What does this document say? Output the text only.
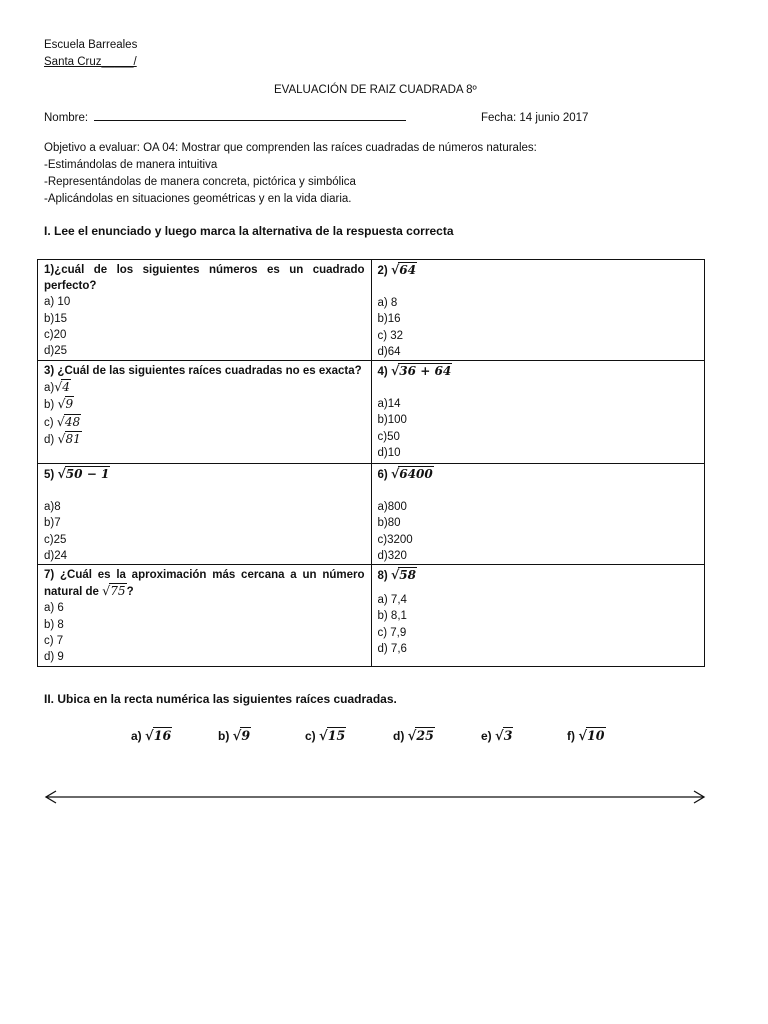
Escuela Barreales
Santa Cruz_____/
EVALUACIÓN DE RAIZ CUADRADA 8º
Nombre:	Fecha: 14 junio 2017
Objetivo a evaluar: OA 04: Mostrar que comprenden las raíces cuadradas de números naturales:
-Estimándolas de manera intuitiva
-Representándolas de manera concreta, pictórica y simbólica
-Aplicándolas en situaciones geométricas y en la vida diaria.
I. Lee el enunciado y luego marca la alternativa de la respuesta correcta
1)¿cuál de los siguientes números es un cuadrado perfecto?
a) 10
b)15
c)20
d)25	2) √64
a) 8
b)16
c) 32
d)64

3) ¿Cuál de las siguientes raíces cuadradas no es exacta?
a)√4
b) √9
c) √48
d) √81	4) √36 + 64
a)14
b)100
c)50
d)10

5) √50 − 1
a)8
b)7
c)25
d)24	6) √6400
a)800
b)80
c)3200
d)320

7) ¿Cuál es la aproximación más cercana a un número natural de √75?
a) 6
b) 8
c) 7
d) 9	8) √58
a) 7,4
b) 8,1
c) 7,9
d) 7,6
II. Ubica en la recta numérica las siguientes raíces cuadradas.
a) √16	b) √9	c) √15	d) √25	e) √3	f) √10
